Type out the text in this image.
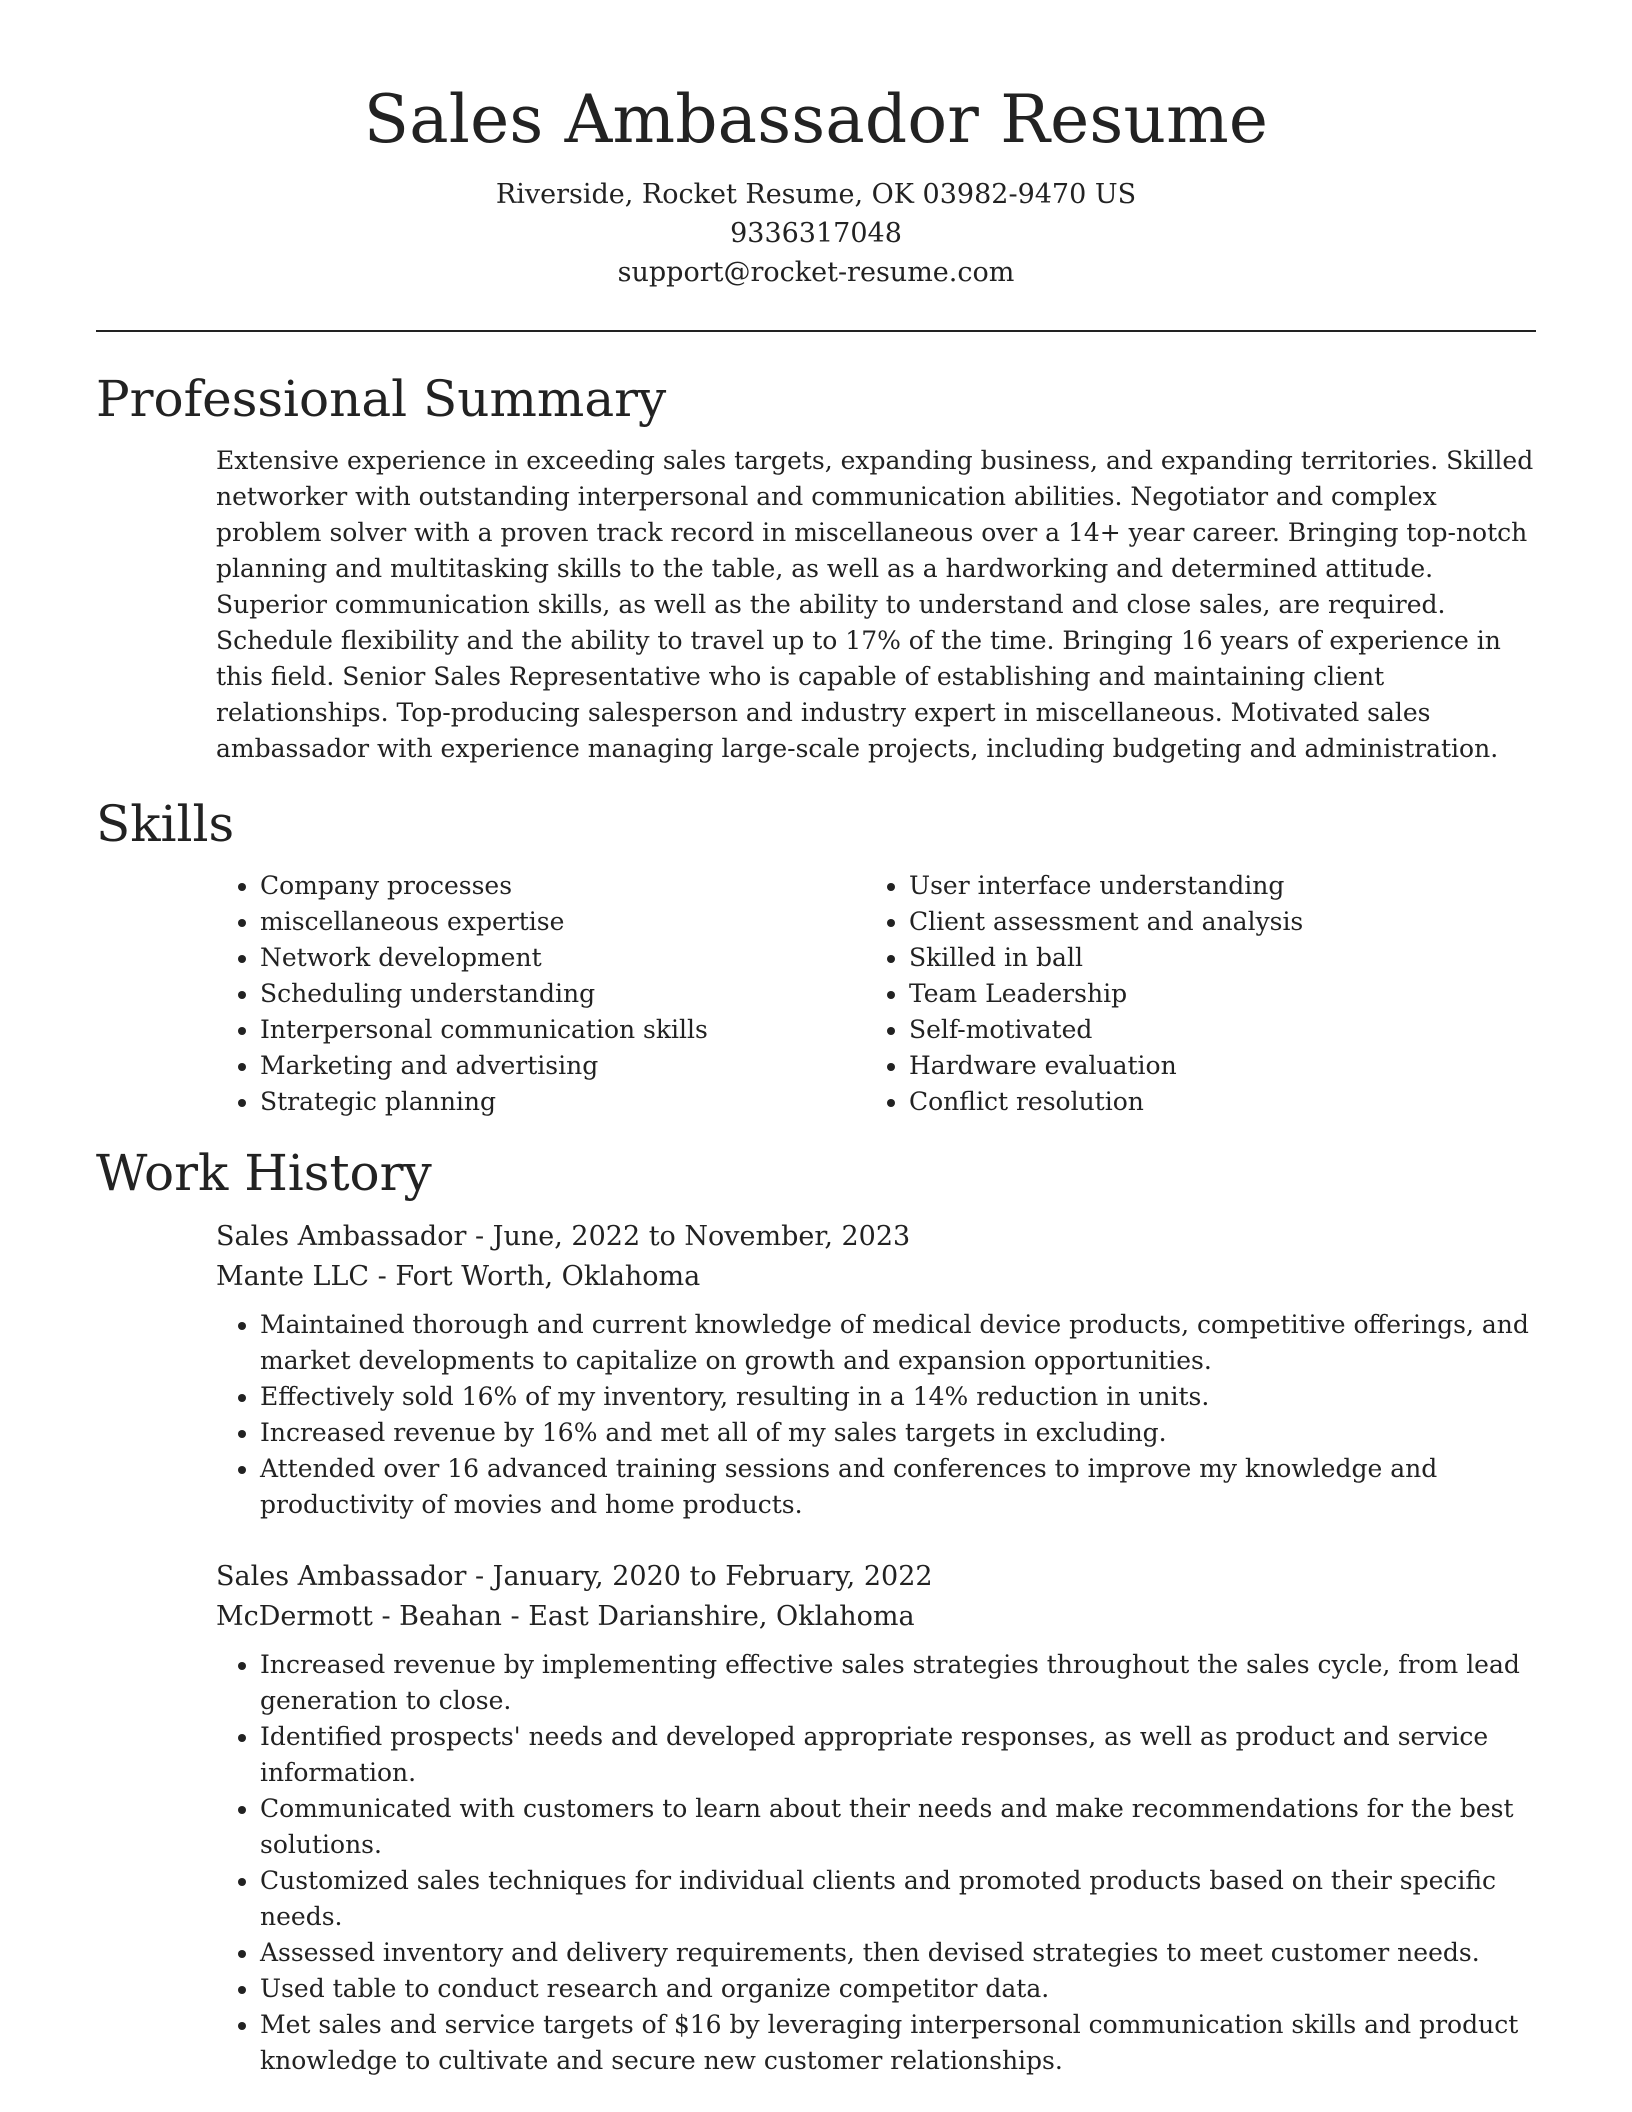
Sales Ambassador Resume

Riverside, Rocket Resume, OK 03982-9470 US

9336317048

support@rocket-resume.com

Professional Summary

Extensive experience in exceeding sales targets, expanding business, and expanding territories. Skilled networker with outstanding interpersonal and communication abilities. Negotiator and complex problem solver with a proven track record in miscellaneous over a 14+ year career. Bringing top-notch planning and multitasking skills to the table, as well as a hardworking and determined attitude. Superior communication skills, as well as the ability to understand and close sales, are required. Schedule flexibility and the ability to travel up to 17% of the time. Bringing 16 years of experience in this field. Senior Sales Representative who is capable of establishing and maintaining client relationships. Top-producing salesperson and industry expert in miscellaneous. Motivated sales ambassador with experience managing large-scale projects, including budgeting and administration.

Skills
• Company processes
• miscellaneous expertise
• Network development
• Scheduling understanding
• Interpersonal communication skills
• Marketing and advertising
• Strategic planning
• User interface understanding
• Client assessment and analysis
• Skilled in ball
• Team Leadership
• Self-motivated
• Hardware evaluation
• Conflict resolution
Work History

Sales Ambassador - June, 2022 to November, 2023

Mante LLC - Fort Worth, Oklahoma

• Maintained thorough and current knowledge of medical device products, competitive offerings, and market developments to capitalize on growth and expansion opportunities.
• Effectively sold 16% of my inventory, resulting in a 14% reduction in units.
• Increased revenue by 16% and met all of my sales targets in excluding.
• Attended over 16 advanced training sessions and conferences to improve my knowledge and productivity of movies and home products.

Sales Ambassador - January, 2020 to February, 2022

McDermott - Beahan - East Darianshire, Oklahoma

• Increased revenue by implementing effective sales strategies throughout the sales cycle, from lead generation to close.
• Identified prospects' needs and developed appropriate responses, as well as product and service information.
• Communicated with customers to learn about their needs and make recommendations for the best solutions.
• Customized sales techniques for individual clients and promoted products based on their specific needs.
• Assessed inventory and delivery requirements, then devised strategies to meet customer needs.
• Used table to conduct research and organize competitor data.
• Met sales and service targets of $16 by leveraging interpersonal communication skills and product knowledge to cultivate and secure new customer relationships.
